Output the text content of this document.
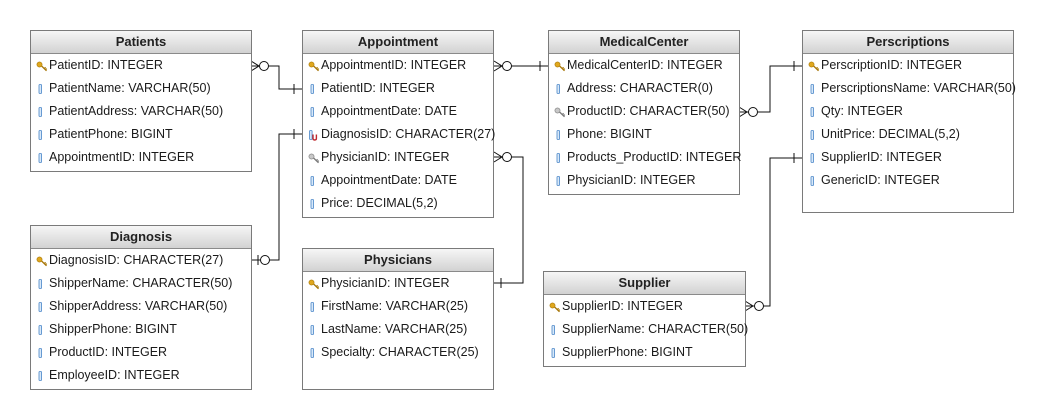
Patients
PatientID: INTEGER
PatientName: VARCHAR(50)
PatientAddress: VARCHAR(50)
PatientPhone: BIGINT
AppointmentID: INTEGER
Appointment
AppointmentID: INTEGER
PatientID: INTEGER
AppointmentDate: DATE
DiagnosisID: CHARACTER(27)
PhysicianID: INTEGER
AppointmentDate: DATE
Price: DECIMAL(5,2)
MedicalCenter
MedicalCenterID: INTEGER
Address: CHARACTER(0)
ProductID: CHARACTER(50)
Phone: BIGINT
Products_ProductID: INTEGER
PhysicianID: INTEGER
Perscriptions
PerscriptionID: INTEGER
PerscriptionsName: VARCHAR(50)
Qty: INTEGER
UnitPrice: DECIMAL(5,2)
SupplierID: INTEGER
GenericID: INTEGER
Diagnosis
DiagnosisID: CHARACTER(27)
ShipperName: CHARACTER(50)
ShipperAddress: VARCHAR(50)
ShipperPhone: BIGINT
ProductID: INTEGER
EmployeeID: INTEGER
Physicians
PhysicianID: INTEGER
FirstName: VARCHAR(25)
LastName: VARCHAR(25)
Specialty: CHARACTER(25)
Supplier
SupplierID: INTEGER
SupplierName: CHARACTER(50)
SupplierPhone: BIGINT
